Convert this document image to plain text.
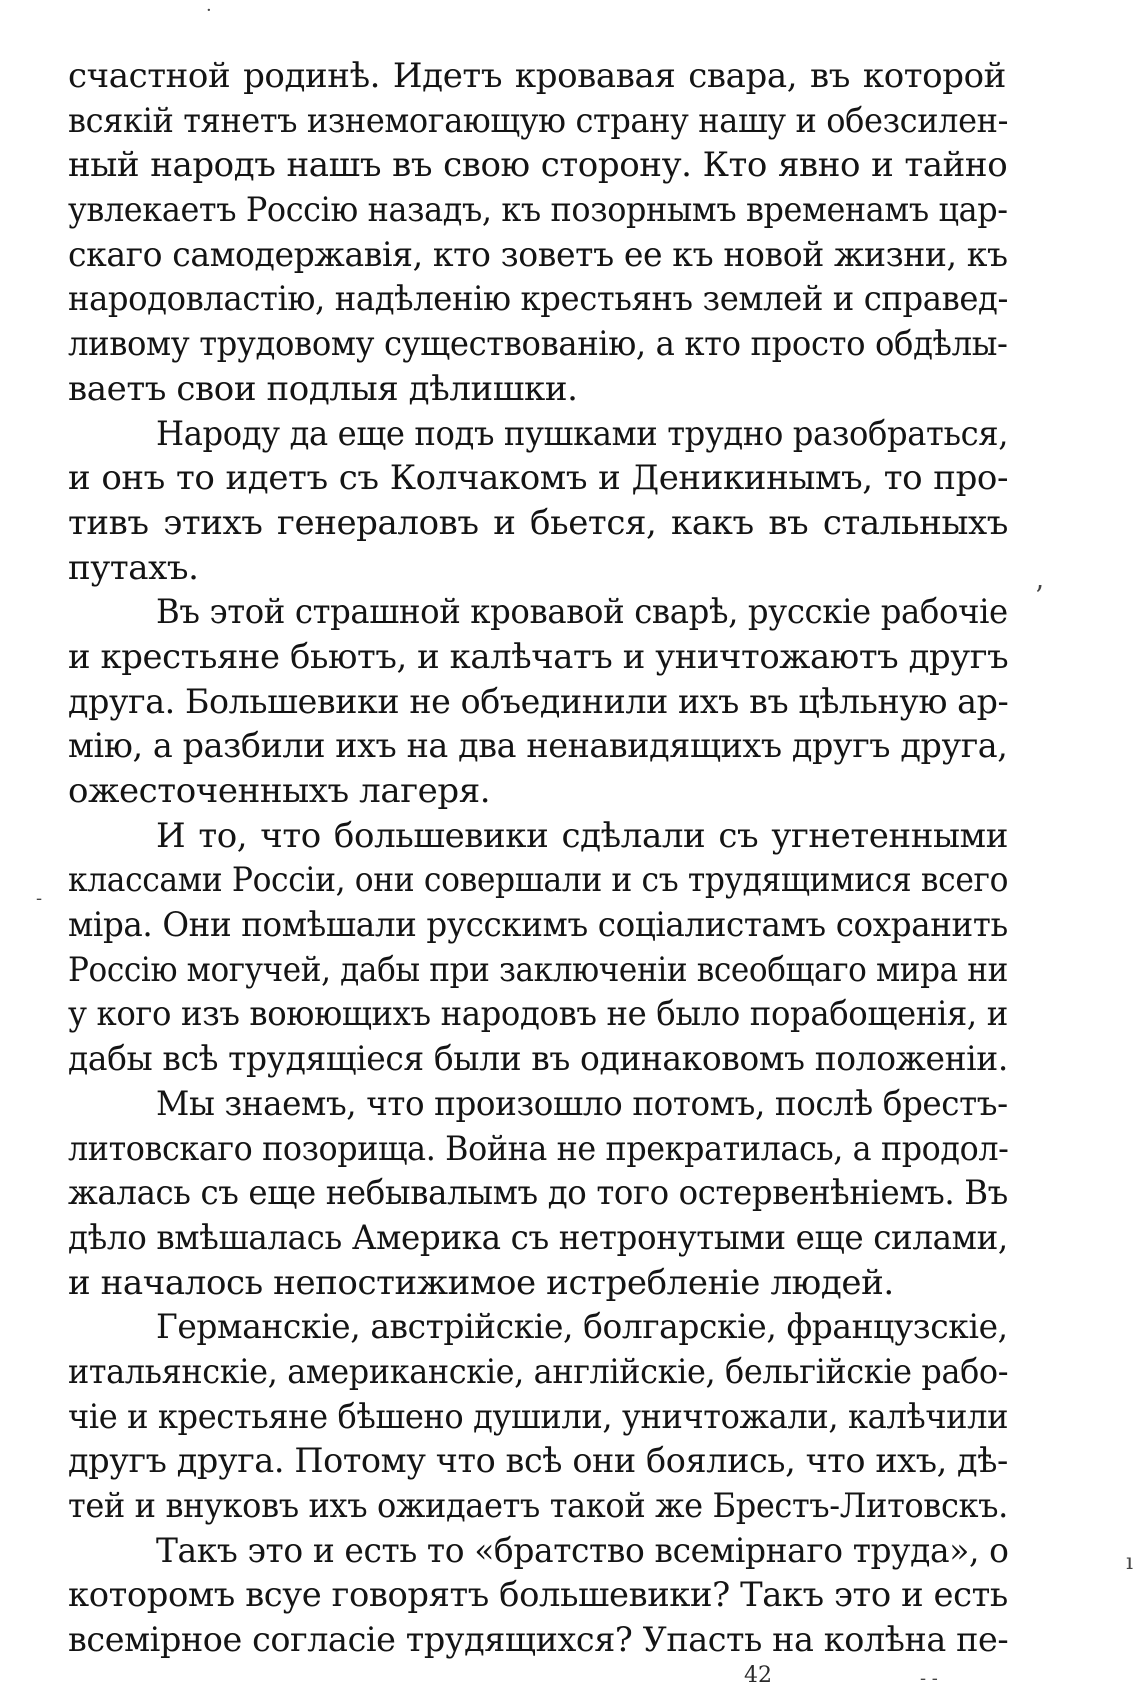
·
ʼ
-
ı
- -
счастной родинѣ. Идетъ кровавая свара, въ которой
всякій тянетъ изнемогающую страну нашу и обезсилен-
ный народъ нашъ въ свою сторону. Кто явно и тайно
увлекаетъ Россію назадъ, къ позорнымъ временамъ цар-
скаго самодержавія, кто зоветъ ее къ новой жизни, къ
народовластію, надѣленію крестьянъ землей и справед-
ливому трудовому существованію, а кто просто обдѣлы-
ваетъ свои подлыя дѣлишки.
Народу да еще подъ пушками трудно разобраться,
и онъ то идетъ съ Колчакомъ и Деникинымъ, то про-
тивъ этихъ генераловъ и бьется, какъ въ стальныхъ
путахъ.
Въ этой страшной кровавой сварѣ, русскіе рабочіе
и крестьяне бьютъ, и калѣчатъ и уничтожаютъ другъ
друга. Большевики не объединили ихъ въ цѣльную ар-
мію, а разбили ихъ на два ненавидящихъ другъ друга,
ожесточенныхъ лагеря.
И то, что большевики сдѣлали съ угнетенными
классами Россіи, они совершали и съ трудящимися всего
міра. Они помѣшали русскимъ соціалистамъ сохранить
Россію могучей, дабы при заключеніи всеобщаго мира ни
у кого изъ воюющихъ народовъ не было порабощенія, и
дабы всѣ трудящіеся были въ одинаковомъ положеніи.
Мы знаемъ, что произошло потомъ, послѣ брестъ-
литовскаго позорища. Война не прекратилась, а продол-
жалась съ еще небывалымъ до того остервенѣніемъ. Въ
дѣло вмѣшалась Америка съ нетронутыми еще силами,
и началось непостижимое истребленіе людей.
Германскіе, австрійскіе, болгарскіе, французскіе,
итальянскіе, американскіе, англійскіе, бельгійскіе рабо-
чіе и крестьяне бѣшено душили, уничтожали, калѣчили
другъ друга. Потому что всѣ они боялись, что ихъ, дѣ-
тей и внуковъ ихъ ожидаетъ такой же Брестъ-Литовскъ.
Такъ это и есть то «братство всемірнаго труда», о
которомъ всуе говорятъ большевики? Такъ это и есть
всемірное согласіе трудящихся? Упасть на колѣна пе-
42
